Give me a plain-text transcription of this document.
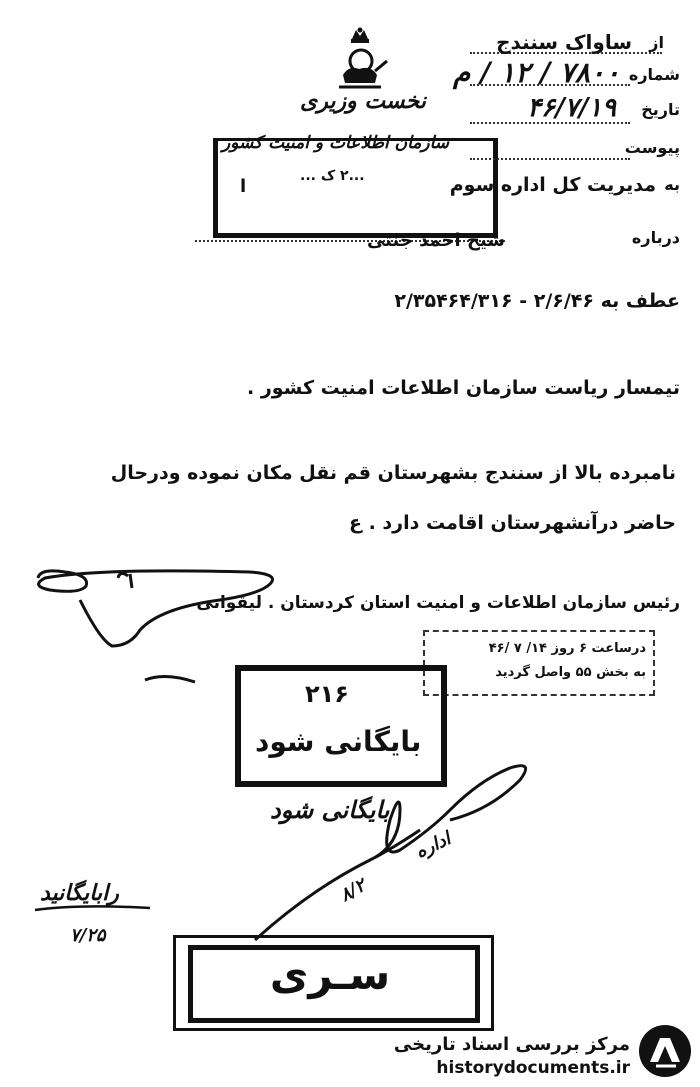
نخست وزیری
سازمان اطلاعات و امنیت کشور
...۲ ک ...
ا
از
ساواک سنندج
شماره
۷۸۰۰ / ۱۲ / م
تاریخ
۴۶/۷/۱۹
پیوست
به
مدیریت کل اداره سوم
درباره
شیخ احمد جنتی
عطف به ۲/۶/۴۶ - ۲/۳۵۴۶۴/۳۱۶
تیمسار ریاست سازمان اطلاعات امنیت کشور .
نامبرده بالا از سنندج بشهرستان قم نقل مکان نموده ودرحال
حاضر درآنشهرستان اقامت دارد . ع
رئیس سازمان اطلاعات و امنیت استان کردستان . لیقوانی
درساعت ۶ روز ۱۴/ ۷ /۴۶
به بخش ۵۵ واصل گردید
۲۱۶
بایگانی شود
بایگانی شود
اداره
۸/۲
رابایگانید
۷/۲۵
سـری
مرکز بررسی اسناد تاریخی
historydocuments.ir
